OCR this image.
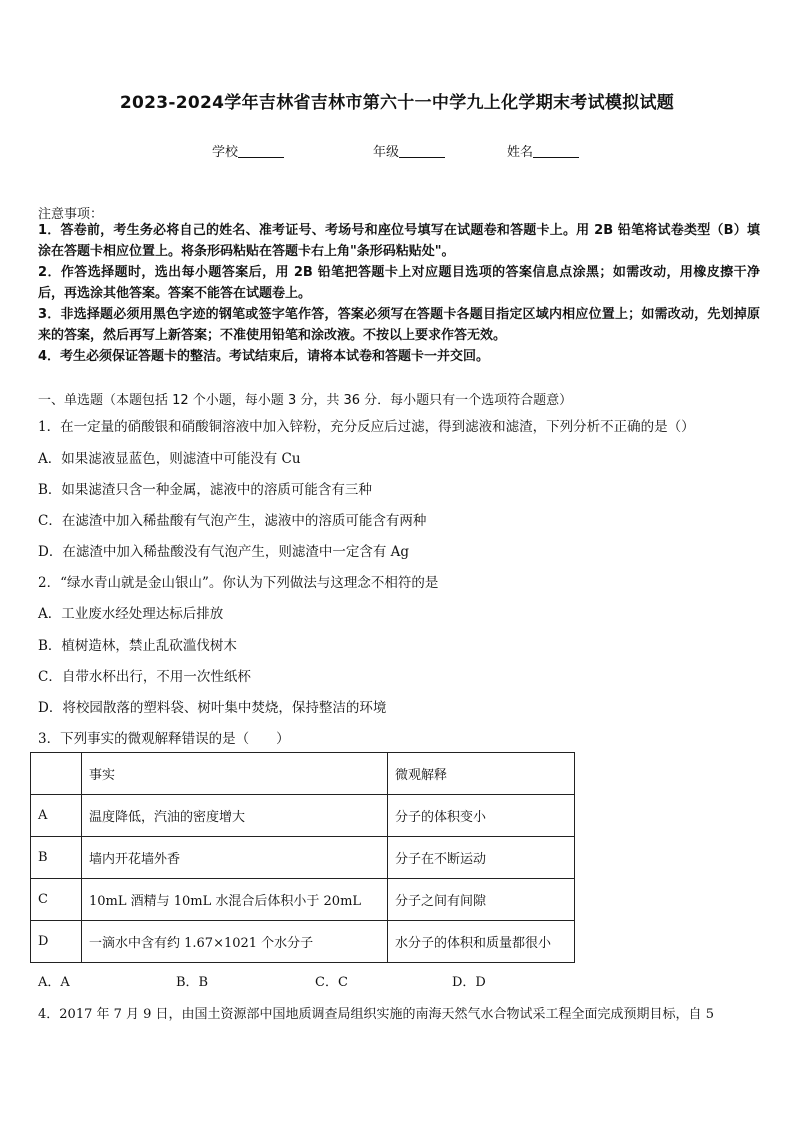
2023-2024学年吉林省吉林市第六十一中学九上化学期末考试模拟试题
学校	年级	姓名
注意事项：
1．答卷前，考生务必将自己的姓名、准考证号、考场号和座位号填写在试题卷和答题卡上。用 2B 铅笔将试卷类型（B）填涂在答题卡相应位置上。将条形码粘贴在答题卡右上角"条形码粘贴处"。
2．作答选择题时，选出每小题答案后，用 2B 铅笔把答题卡上对应题目选项的答案信息点涂黑；如需改动，用橡皮擦干净后，再选涂其他答案。答案不能答在试题卷上。
3．非选择题必须用黑色字迹的钢笔或签字笔作答，答案必须写在答题卡各题目指定区域内相应位置上；如需改动，先划掉原来的答案，然后再写上新答案；不准使用铅笔和涂改液。不按以上要求作答无效。
4．考生必须保证答题卡的整洁。考试结束后，请将本试卷和答题卡一并交回。
一、单选题（本题包括 12 个小题，每小题 3 分，共 36 分．每小题只有一个选项符合题意）
1．在一定量的硝酸银和硝酸铜溶液中加入锌粉，充分反应后过滤，得到滤液和滤渣，下列分析不正确的是（）
A．如果滤液显蓝色，则滤渣中可能没有 Cu
B．如果滤渣只含一种金属，滤液中的溶质可能含有三种
C．在滤渣中加入稀盐酸有气泡产生，滤液中的溶质可能含有两种
D．在滤渣中加入稀盐酸没有气泡产生，则滤渣中一定含有 Ag
2．“绿水青山就是金山银山”。你认为下列做法与这理念不相符的是
A．工业废水经处理达标后排放
B．植树造林，禁止乱砍滥伐树木
C．自带水杯出行，不用一次性纸杯
D．将校园散落的塑料袋、树叶集中焚烧，保持整洁的环境
3．下列事实的微观解释错误的是（　　）
	事实	微观解释
A	温度降低，汽油的密度增大	分子的体积变小
B	墙内开花墙外香	分子在不断运动
C	10mL 酒精与 10mL 水混合后体积小于 20mL	分子之间有间隙
D	一滴水中含有约 1.67×1021 个水分子	水分子的体积和质量都很小
A．A	B．B	C．C	D．D
4．2017 年 7 月 9 日，由国土资源部中国地质调查局组织实施的南海天然气水合物试采工程全面完成预期目标，自 5
